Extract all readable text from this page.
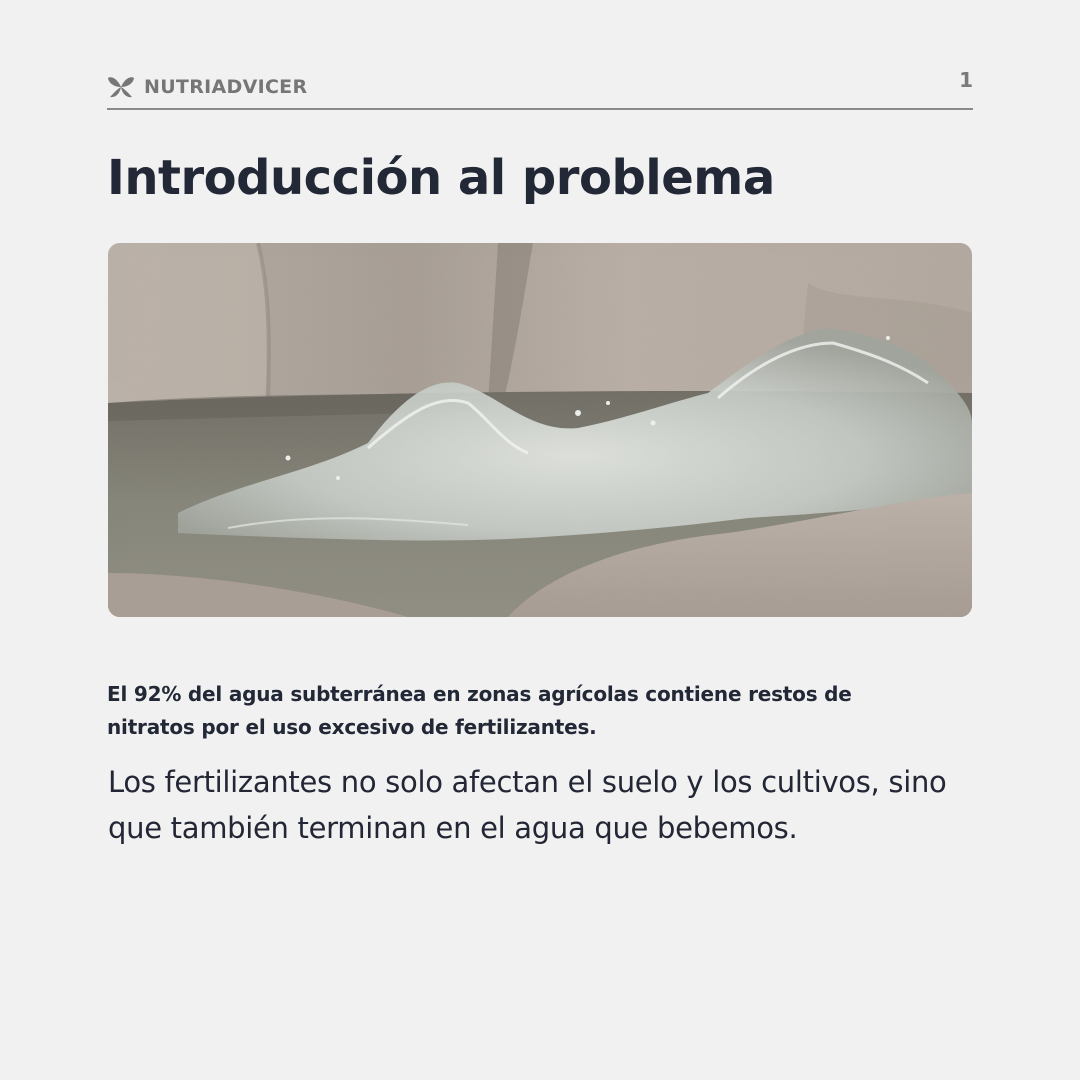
NUTRIADVICER	1
Introducción al problema

El 92% del agua subterránea en zonas agrícolas contiene restos de nitratos por el uso excesivo de fertilizantes.

Los fertilizantes no solo afectan el suelo y los cultivos, sino que también terminan en el agua que bebemos.
